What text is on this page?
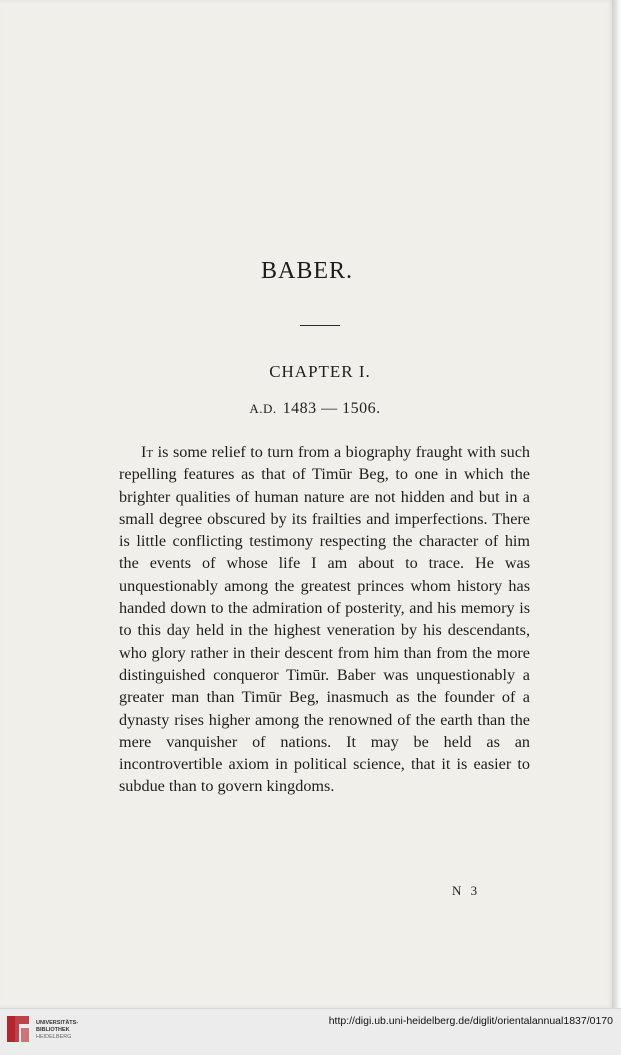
BABER.
CHAPTER I.
A.D. 1483 — 1506.
It is some relief to turn from a biography fraught with such repelling features as that of Timūr Beg, to one in which the brighter qualities of human nature are not hidden and but in a small degree obscured by its frailties and imperfections. There is little conflicting testimony respecting the character of him the events of whose life I am about to trace. He was unquestionably among the greatest princes whom history has handed down to the admiration of posterity, and his memory is to this day held in the highest veneration by his descendants, who glory rather in their descent from him than from the more distinguished conqueror Timūr. Baber was unquestionably a greater man than Timūr Beg, inasmuch as the founder of a dynasty rises higher among the renowned of the earth than the mere vanquisher of nations. It may be held as an incontrovertible axiom in political science, that it is easier to subdue than to govern kingdoms.
N 3
UNIVERSITÄTS-
BIBLIOTHEK
HEIDELBERG
http://digi.ub.uni-heidelberg.de/diglit/orientalannual1837/0170
